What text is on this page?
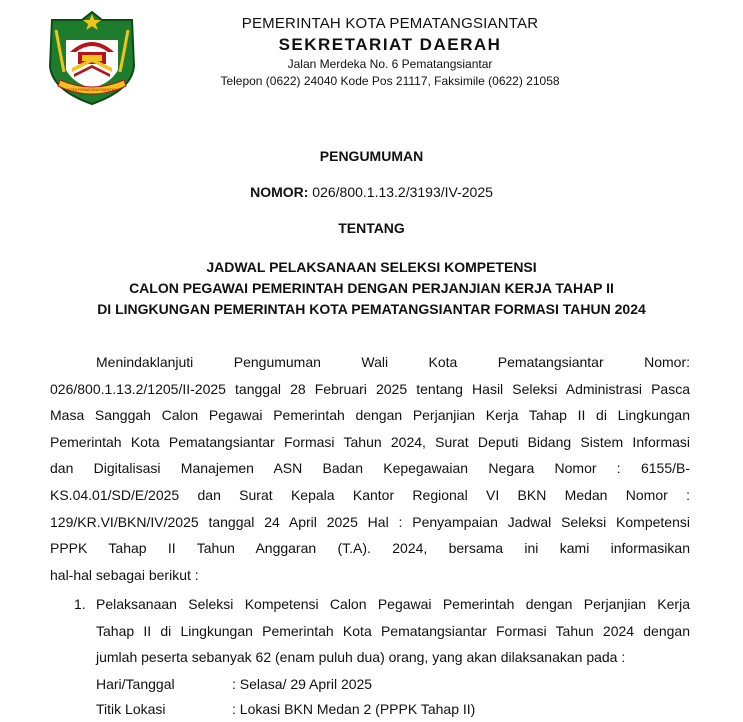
KOTA PEMATANGSIANTAR
PEMERINTAH KOTA PEMATANGSIANTAR
SEKRETARIAT DAERAH
Jalan Merdeka No. 6 Pematangsiantar
Telepon (0622) 24040 Kode Pos 21117, Faksimile (0622) 21058
PENGUMUMAN
NOMOR: 026/800.1.13.2/3193/IV-2025
TENTANG
JADWAL PELAKSANAAN SELEKSI KOMPETENSI
CALON PEGAWAI PEMERINTAH DENGAN PERJANJIAN KERJA TAHAP II
DI LINGKUNGAN PEMERINTAH KOTA PEMATANGSIANTAR FORMASI TAHUN 2024
Menindaklanjuti Pengumuman Wali Kota Pematangsiantar Nomor:
026/800.1.13.2/1205/II-2025 tanggal 28 Februari 2025 tentang Hasil Seleksi Administrasi Pasca
Masa Sanggah Calon Pegawai Pemerintah dengan Perjanjian Kerja Tahap II di Lingkungan
Pemerintah Kota Pematangsiantar Formasi Tahun 2024, Surat Deputi Bidang Sistem Informasi
dan Digitalisasi Manajemen ASN Badan Kepegawaian Negara Nomor : 6155/B-
KS.04.01/SD/E/2025 dan Surat Kepala Kantor Regional VI BKN Medan Nomor :
129/KR.VI/BKN/IV/2025 tanggal 24 April 2025 Hal : Penyampaian Jadwal Seleksi Kompetensi
PPPK Tahap II Tahun Anggaran (T.A). 2024, bersama ini kami informasikan
hal-hal sebagai berikut :
1. Pelaksanaan Seleksi Kompetensi Calon Pegawai Pemerintah dengan Perjanjian Kerja
Tahap II di Lingkungan Pemerintah Kota Pematangsiantar Formasi Tahun 2024 dengan
jumlah peserta sebanyak 62 (enam puluh dua) orang, yang akan dilaksanakan pada :
Hari/Tanggal	: Selasa/ 29 April 2025
Titik Lokasi	: Lokasi BKN Medan 2 (PPPK Tahap II)
